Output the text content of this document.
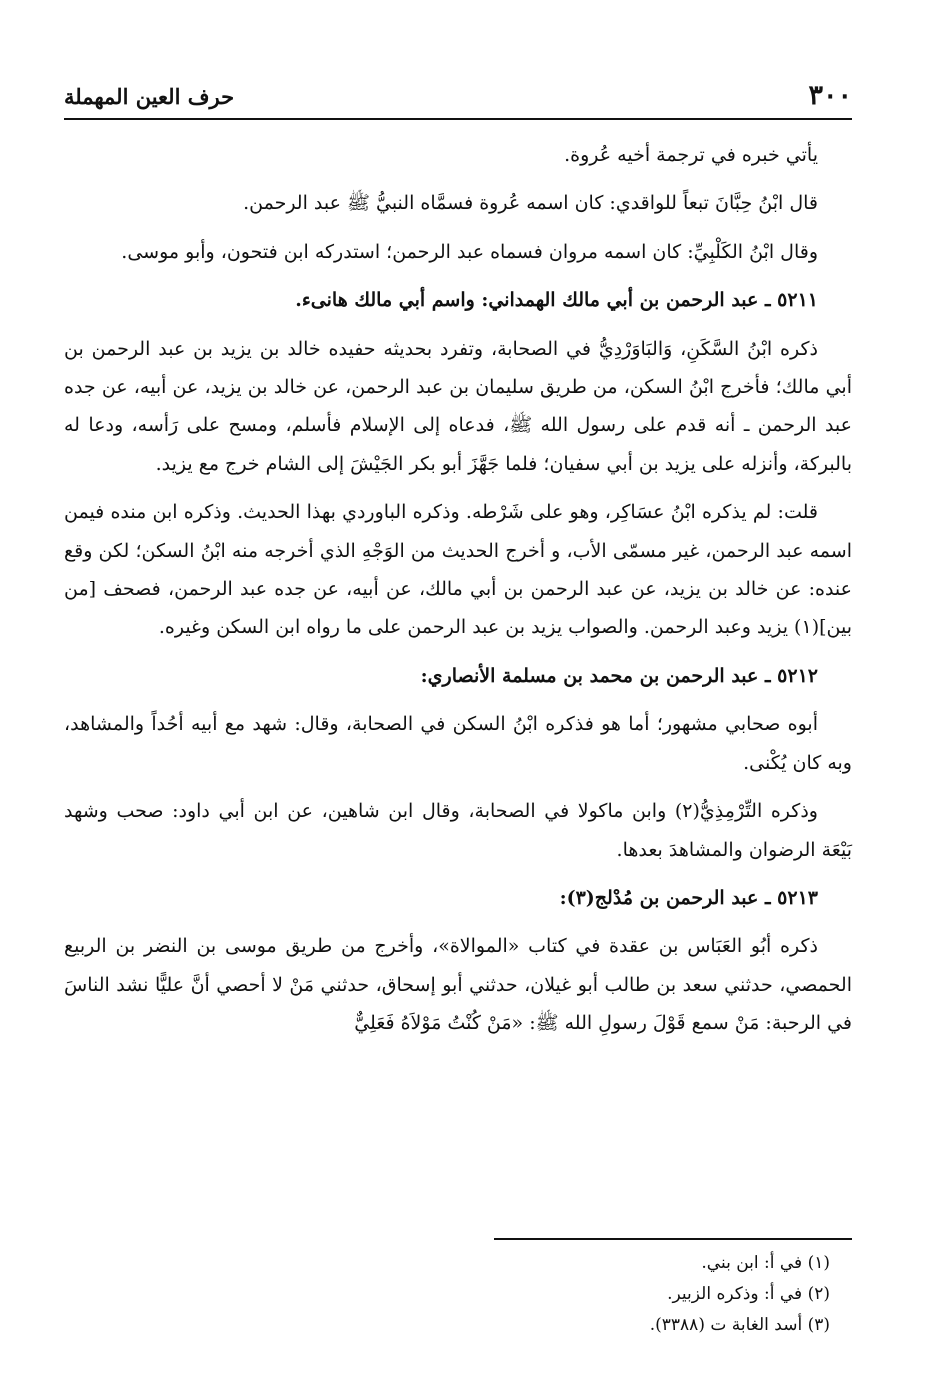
٣٠٠
حرف العين المهملة

يأتي خبره في ترجمة أخيه عُروة.

قال ابْنُ حِبَّانَ تبعاً للواقدي: كان اسمه عُروة فسمَّاه النبيُّ ﷺ عبد الرحمن.

وقال ابْنُ الكَلْبِيِّ: كان اسمه مروان فسماه عبد الرحمن؛ استدركه ابن فتحون، وأبو موسى.

٥٢١١ ـ عبد الرحمن بن أبي مالك الهمداني: واسم أبي مالك هانىء.

ذكره ابْنُ السَّكَنِ، وَالبَاوَرْدِيُّ في الصحابة، وتفرد بحديثه حفيده خالد بن يزيد بن عبد الرحمن بن أبي مالك؛ فأخرج ابْنُ السكن، من طريق سليمان بن عبد الرحمن، عن خالد بن يزيد، عن أبيه، عن جده عبد الرحمن ـ أنه قدم على رسول الله ﷺ، فدعاه إلى الإسلام فأسلم، ومسح على رَأسه، ودعا له بالبركة، وأنزله على يزيد بن أبي سفيان؛ فلما جَهَّزَ أبو بكر الجَيْشَ إلى الشام خرج مع يزيد.

قلت: لم يذكره ابْنُ عسَاكِر، وهو على شَرْطه. وذكره الباوردي بهذا الحديث. وذكره ابن منده فيمن اسمه عبد الرحمن، غير مسمّى الأب، و أخرج الحديث من الوَجْهِ الذي أخرجه منه ابْنُ السكن؛ لكن وقع عنده: عن خالد بن يزيد، عن عبد الرحمن بن أبي مالك، عن أبيه، عن جده عبد الرحمن، فصحف [من بين](١) يزيد وعبد الرحمن. والصواب يزيد بن عبد الرحمن على ما رواه ابن السكن وغيره.

٥٢١٢ ـ عبد الرحمن بن محمد بن مسلمة الأنصاري:

أبوه صحابي مشهور؛ أما هو فذكره ابْنُ السكن في الصحابة، وقال: شهد مع أبيه أحُداً والمشاهد، وبه كان يُكْنى.

وذكره التِّرْمِذِيُّ(٢) وابن ماكولا في الصحابة، وقال ابن شاهين، عن ابن أبي داود: صحب وشهد بَيْعَة الرضوان والمشاهدَ بعدها.

٥٢١٣ ـ عبد الرحمن بن مُدْلج(٣):

ذكره أبُو العَبَاس بن عقدة في كتاب «الموالاة»، وأخرج من طريق موسى بن النضر بن الربيع الحمصي، حدثني سعد بن طالب أبو غيلان، حدثني أبو إسحاق، حدثني مَنْ لا أحصي أنَّ عليًّا نشد الناسَ في الرحبة: مَنْ سمع قَوْلَ رسولِ الله ﷺ: «مَنْ كُنْتُ مَوْلاَهُ فَعَلِيٌّ

(١) في أ: ابن بني.
(٢) في أ: وذكره الزبير.
(٣) أسد الغابة ت (٣٣٨٨).
